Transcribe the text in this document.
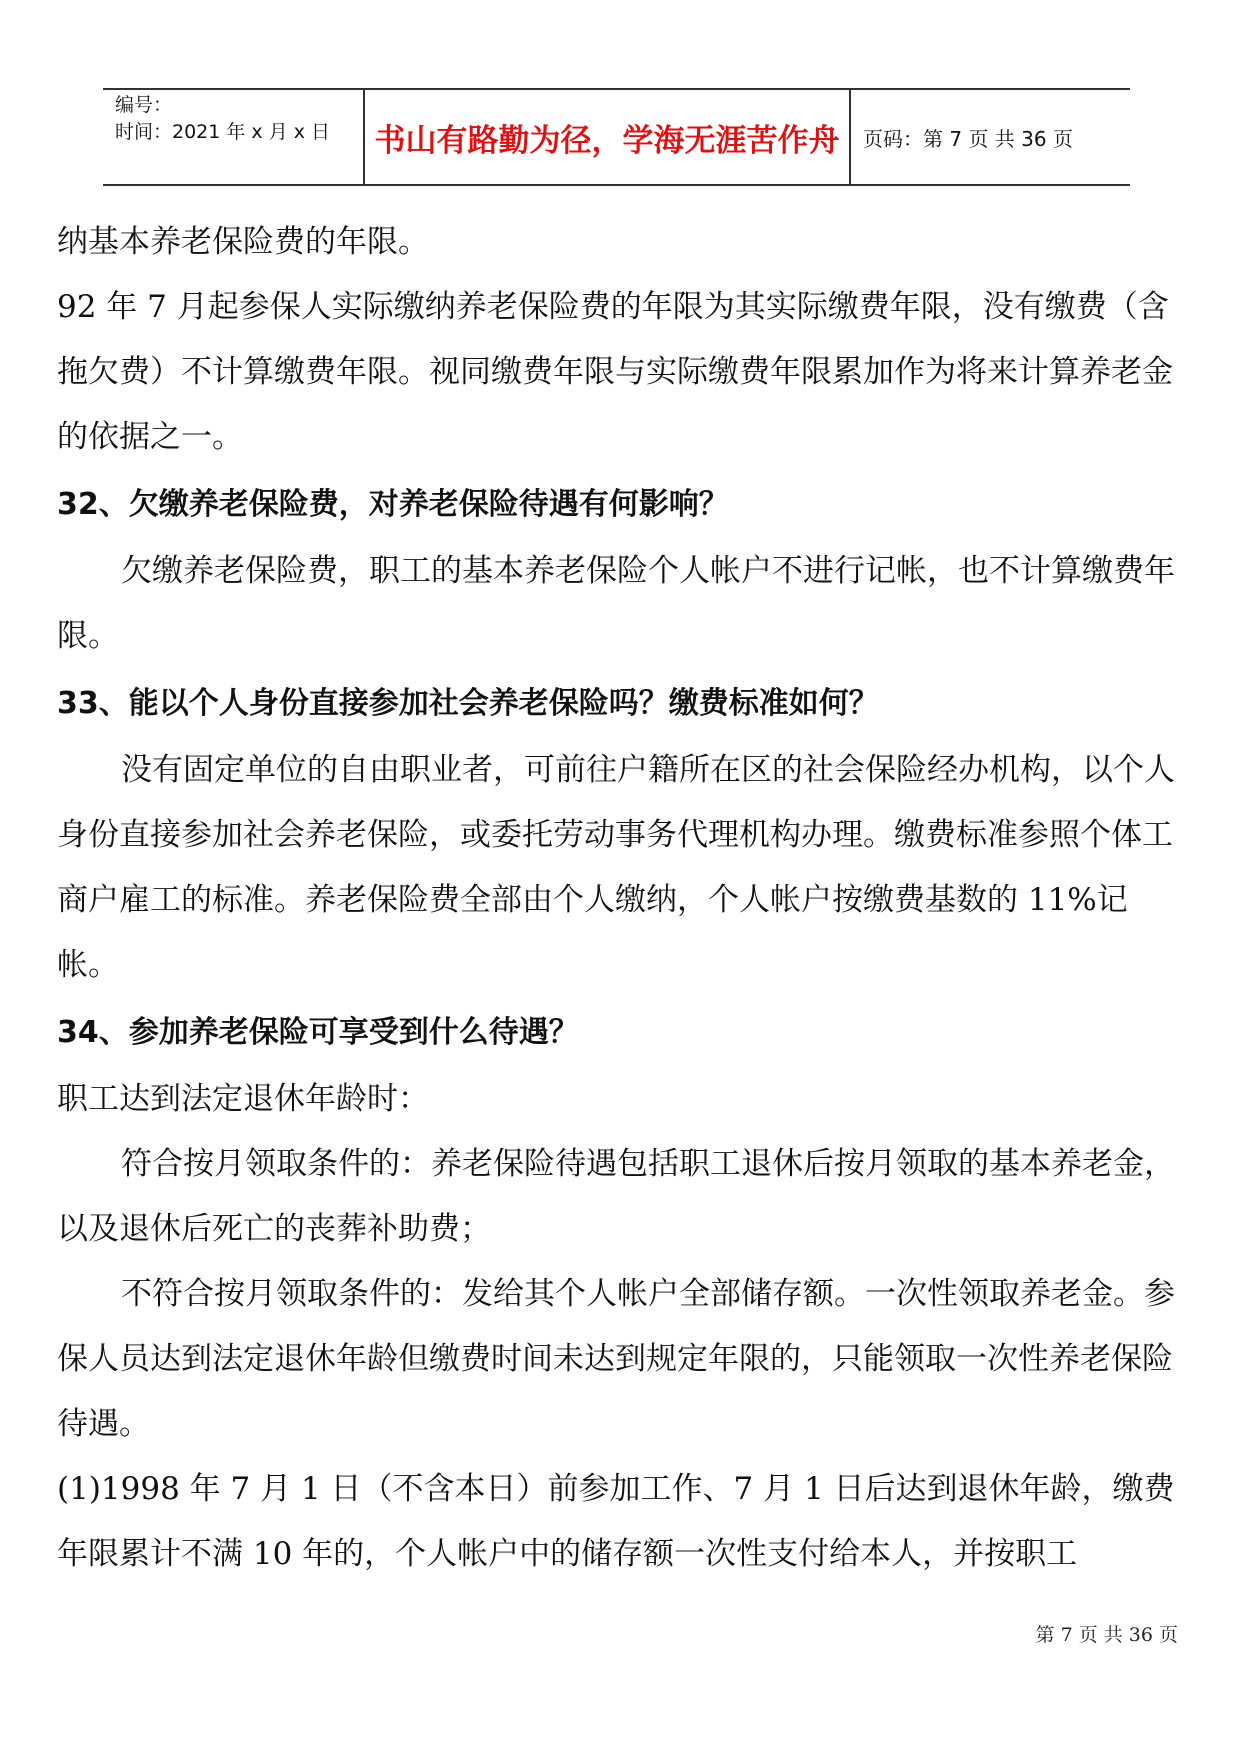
编号：
时间：2021 年 x 月 x 日	书山有路勤为径，学海无涯苦作舟	页码：第 7 页 共 36 页

纳基本养老保险费的年限。

92 年 7 月起参保人实际缴纳养老保险费的年限为其实际缴费年限，没有缴费（含拖欠费）不计算缴费年限。视同缴费年限与实际缴费年限累加作为将来计算养老金的依据之一。

32、欠缴养老保险费，对养老保险待遇有何影响？

欠缴养老保险费，职工的基本养老保险个人帐户不进行记帐，也不计算缴费年限。

33、能以个人身份直接参加社会养老保险吗？缴费标准如何？

没有固定单位的自由职业者，可前往户籍所在区的社会保险经办机构，以个人身份直接参加社会养老保险，或委托劳动事务代理机构办理。缴费标准参照个体工商户雇工的标准。养老保险费全部由个人缴纳，个人帐户按缴费基数的 11%记帐。

34、参加养老保险可享受到什么待遇？

职工达到法定退休年龄时：

符合按月领取条件的：养老保险待遇包括职工退休后按月领取的基本养老金，以及退休后死亡的丧葬补助费；

不符合按月领取条件的：发给其个人帐户全部储存额。一次性领取养老金。参保人员达到法定退休年龄但缴费时间未达到规定年限的，只能领取一次性养老保险待遇。

(1)1998 年 7 月 1 日（不含本日）前参加工作、7 月 1 日后达到退休年龄，缴费年限累计不满 10 年的，个人帐户中的储存额一次性支付给本人，并按职工

第 7 页 共 36 页
